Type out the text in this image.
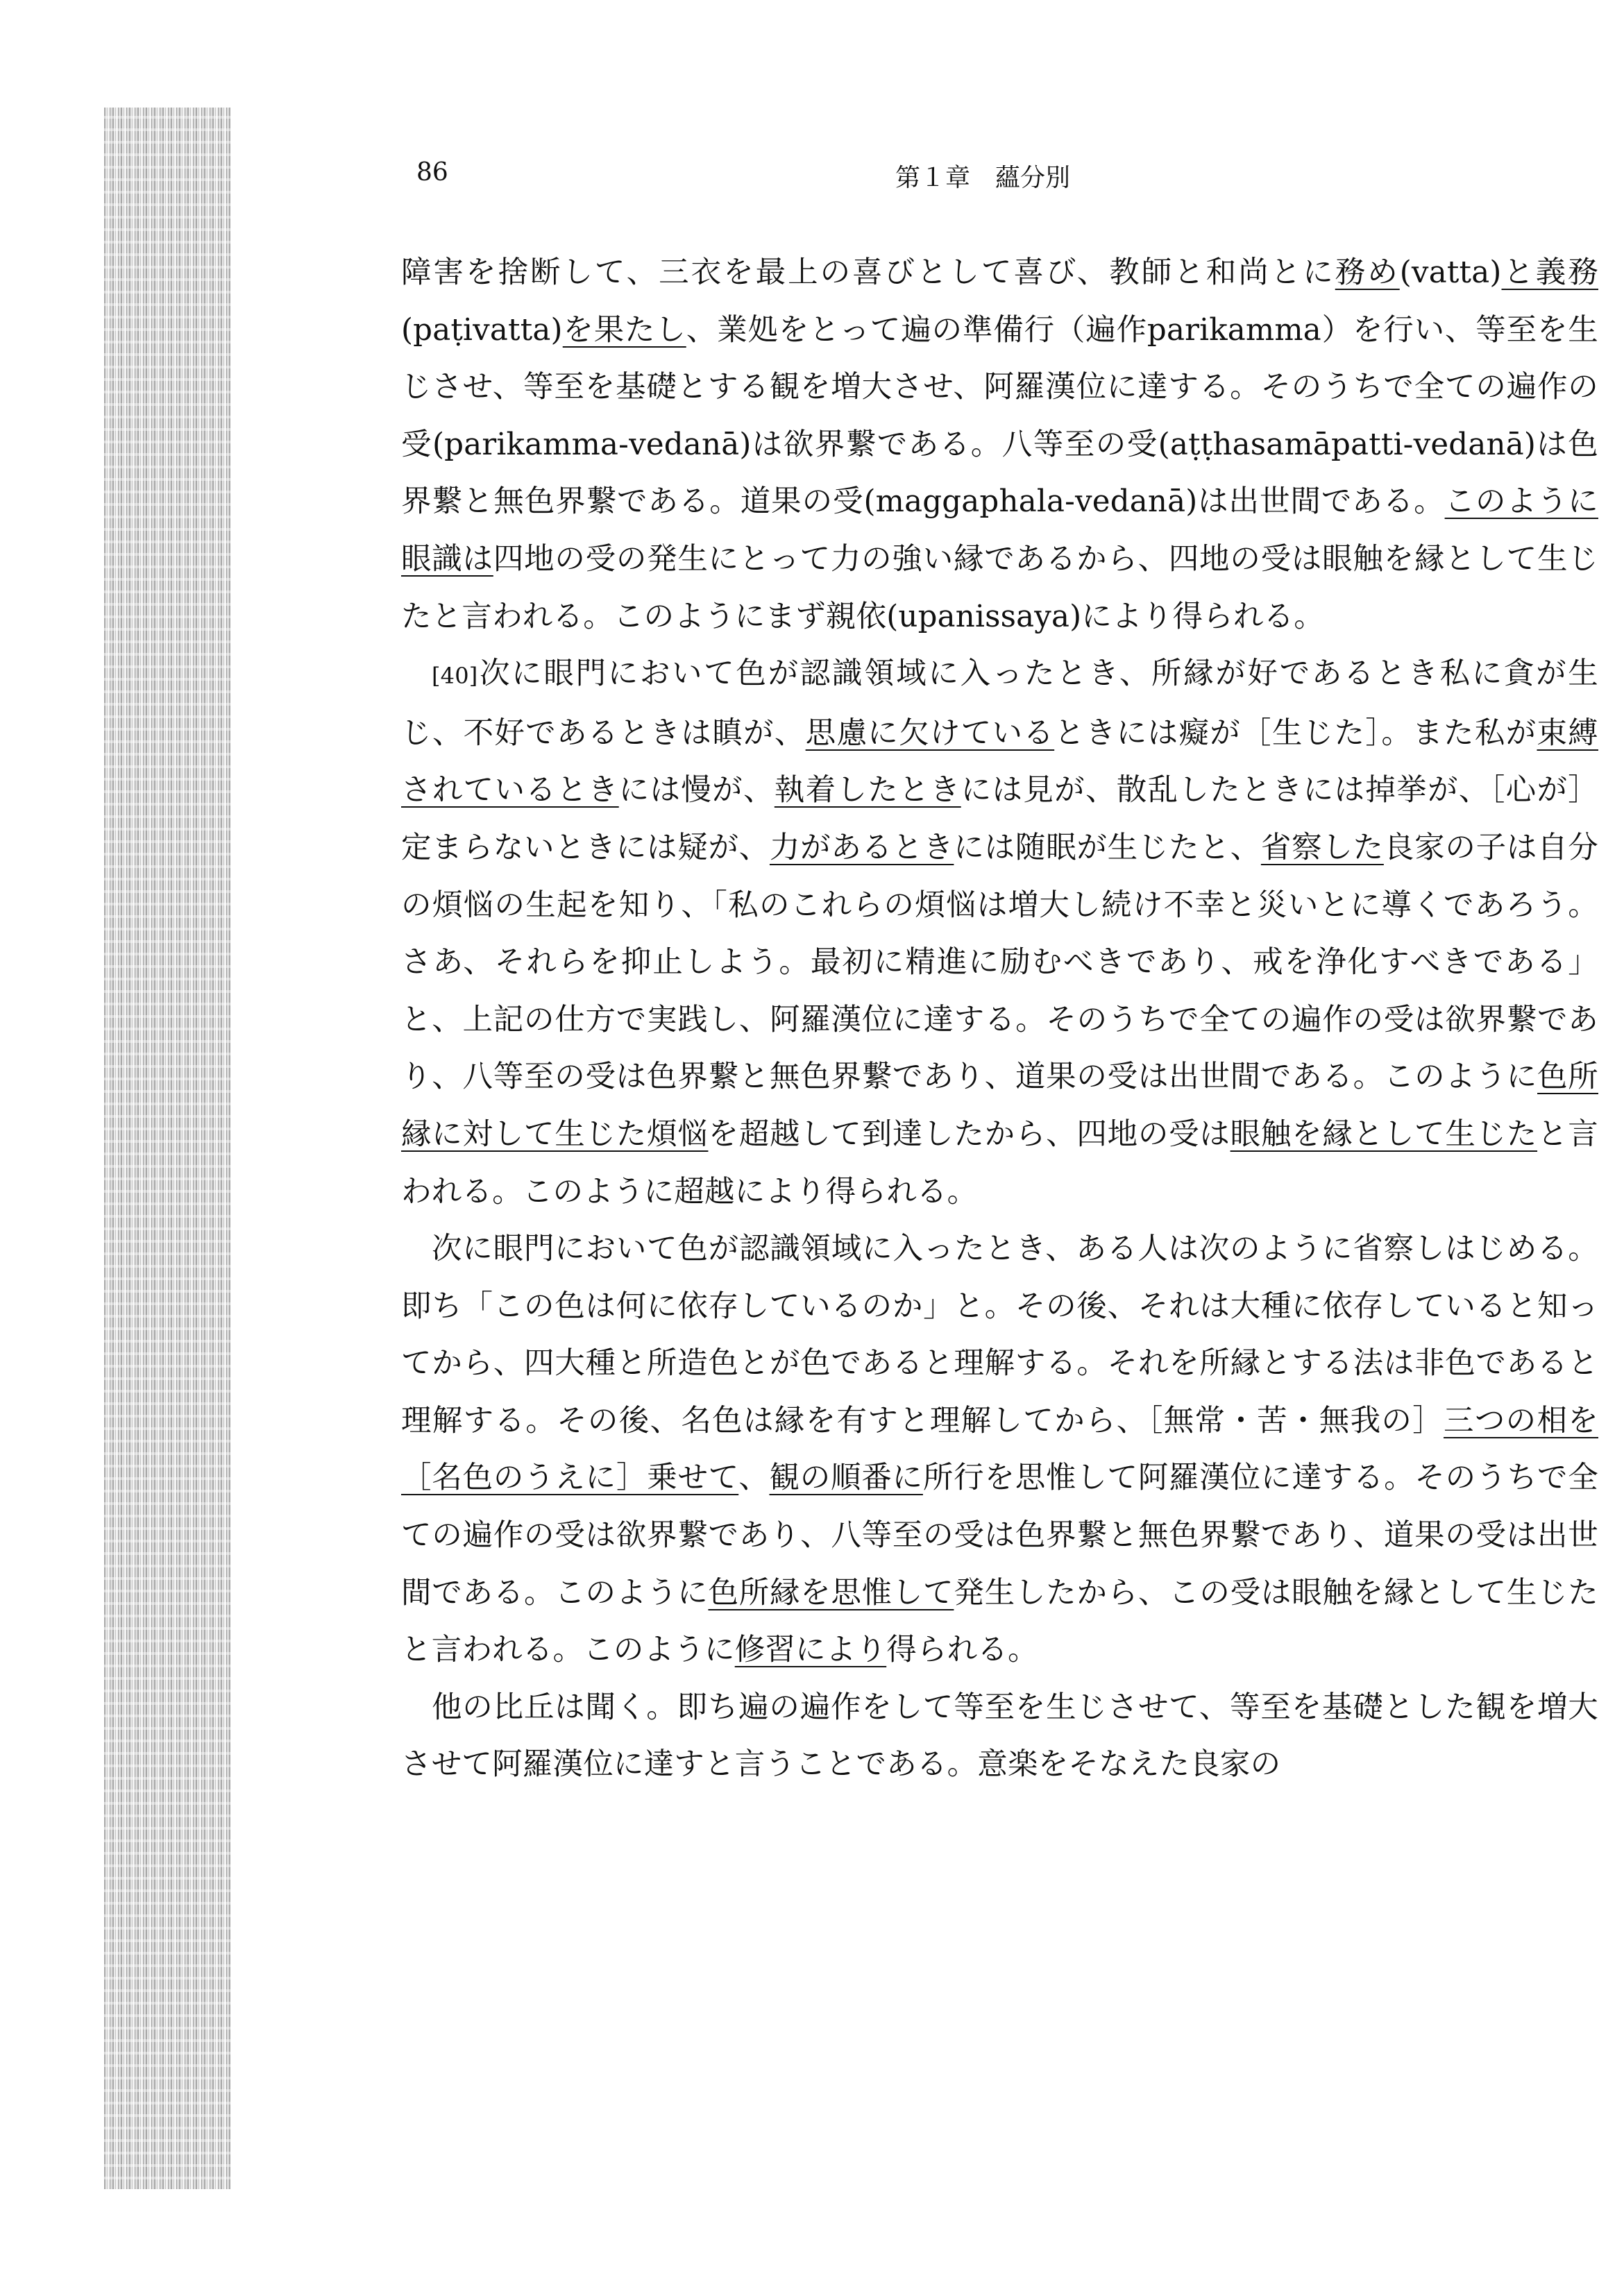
86	第１章　蘊分別

障害を捨断して、三衣を最上の喜びとして喜び、教師と和尚とに務め(vatta)と義務(paṭivatta)を果たし、業処をとって遍の準備行（遍作parikamma）を行い、等至を生じさせ、等至を基礎とする観を増大させ、阿羅漢位に達する。そのうちで全ての遍作の受(parikamma-vedanā)は欲界繋である。八等至の受(aṭṭhasamāpatti-vedanā)は色界繋と無色界繋である。道果の受(maggaphala-vedanā)は出世間である。このように眼識は四地の受の発生にとって力の強い縁であるから、四地の受は眼触を縁として生じたと言われる。このようにまず親依(upanissaya)により得られる。

[40]次に眼門において色が認識領域に入ったとき、所縁が好であるとき私に貪が生じ、不好であるときは瞋が、思慮に欠けているときには癡が［生じた］。また私が束縛されているときには慢が、執着したときには見が、散乱したときには掉挙が、［心が］定まらないときには疑が、力があるときには随眠が生じたと、省察した良家の子は自分の煩悩の生起を知り、「私のこれらの煩悩は増大し続け不幸と災いとに導くであろう。さあ、それらを抑止しよう。最初に精進に励むべきであり、戒を浄化すべきである」と、上記の仕方で実践し、阿羅漢位に達する。そのうちで全ての遍作の受は欲界繋であり、八等至の受は色界繋と無色界繋であり、道果の受は出世間である。このように色所縁に対して生じた煩悩を超越して到達したから、四地の受は眼触を縁として生じたと言われる。このように超越により得られる。

次に眼門において色が認識領域に入ったとき、ある人は次のように省察しはじめる。即ち「この色は何に依存しているのか」と。その後、それは大種に依存していると知ってから、四大種と所造色とが色であると理解する。それを所縁とする法は非色であると理解する。その後、名色は縁を有すと理解してから、［無常・苦・無我の］三つの相を［名色のうえに］乗せて、観の順番に所行を思惟して阿羅漢位に達する。そのうちで全ての遍作の受は欲界繋であり、八等至の受は色界繋と無色界繋であり、道果の受は出世間である。このように色所縁を思惟して発生したから、この受は眼触を縁として生じたと言われる。このように修習により得られる。

他の比丘は聞く。即ち遍の遍作をして等至を生じさせて、等至を基礎とした観を増大させて阿羅漢位に達すと言うことである。意楽をそなえた良家の
